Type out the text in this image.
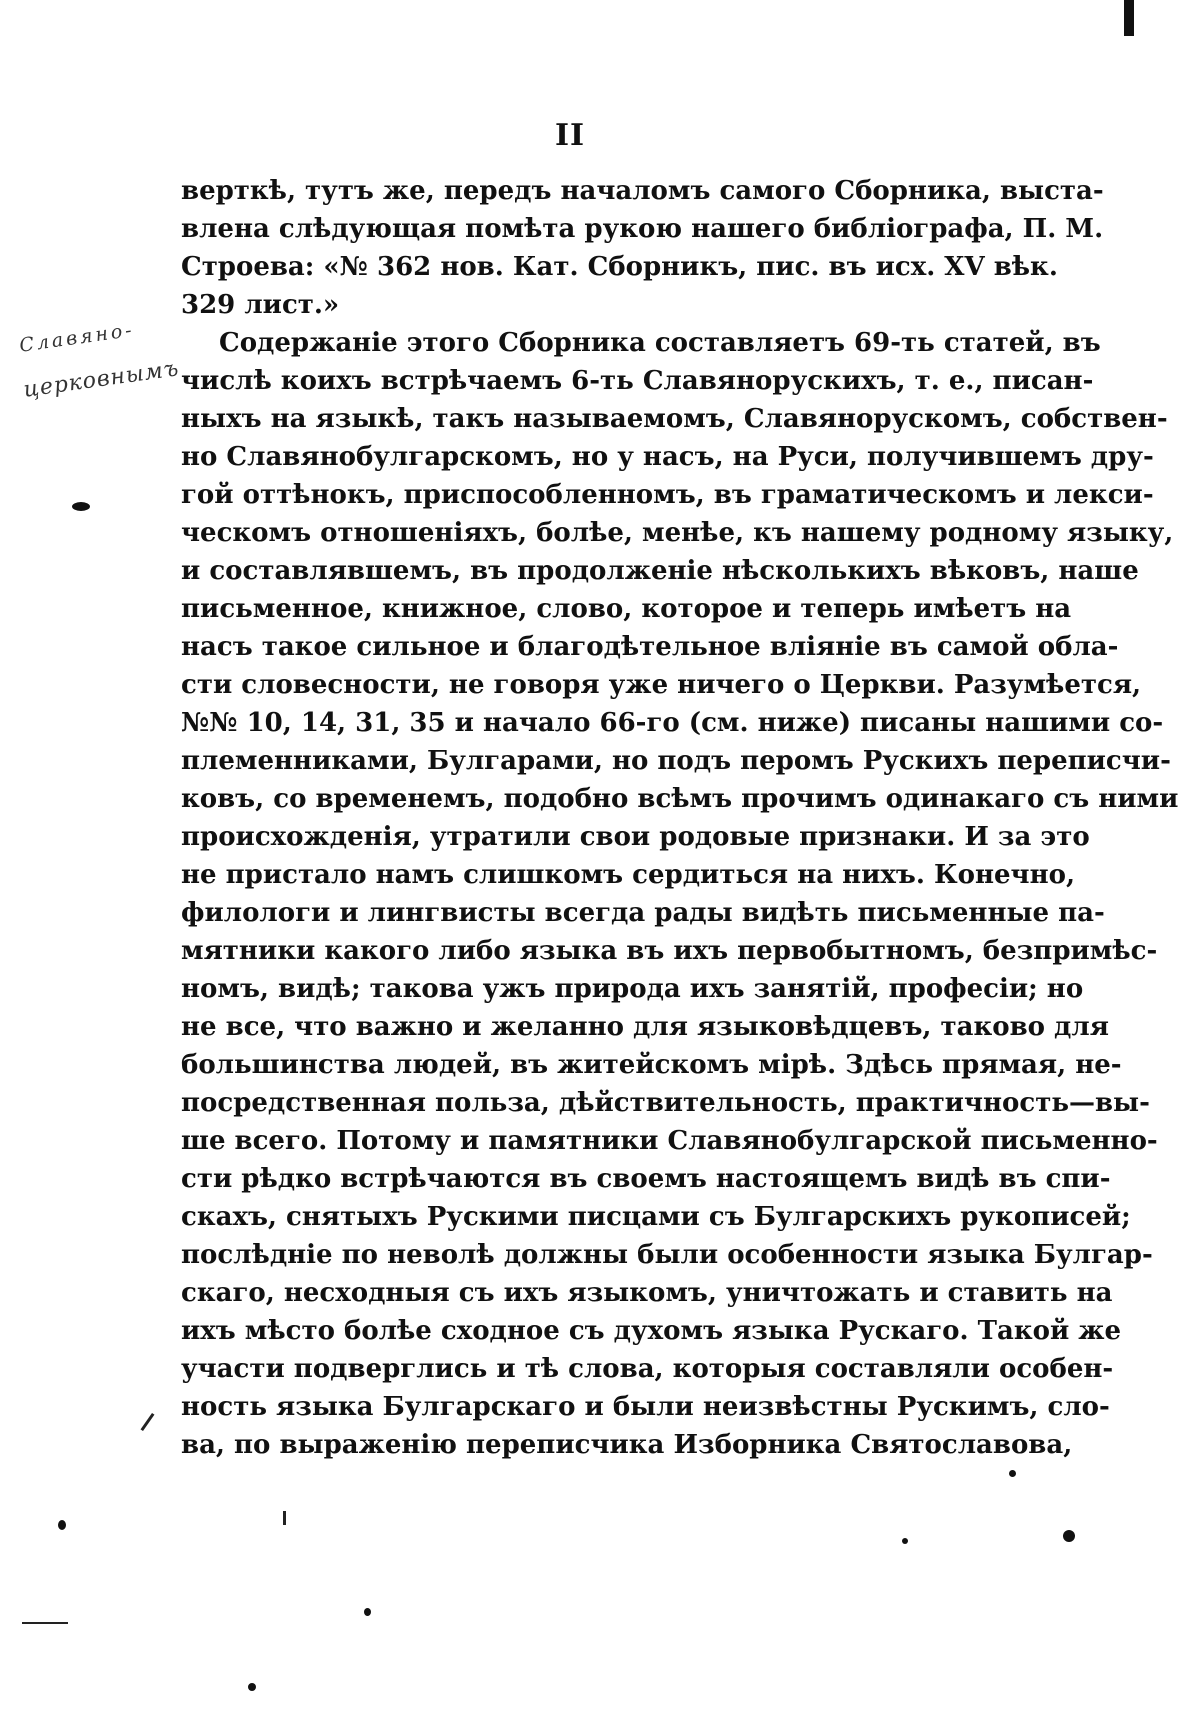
II
Славяно-
церковнымъ
верткѣ, тутъ же, передъ началомъ самого Сборника, выста-
влена слѣдующая помѣта рукою нашего библіографа, П. М.
Строева: «№ 362 нов. Кат. Сборникъ, пис. въ исх. XV вѣк.
329 лист.»
Содержаніе этого Сборника составляетъ 69-ть статей, въ
числѣ коихъ встрѣчаемъ 6-ть Славянорускихъ, т. е., писан-
ныхъ на языкѣ, такъ называемомъ, Славянорускомъ, собствен-
но Славянобулгарскомъ, но у насъ, на Руси, получившемъ дру-
гой оттѣнокъ, приспособленномъ, въ граматическомъ и лекси-
ческомъ отношеніяхъ, болѣе, менѣе, къ нашему родному языку,
и составлявшемъ, въ продолженіе нѣсколькихъ вѣковъ, наше
письменное, книжное, слово, которое и теперь имѣетъ на
насъ такое сильное и благодѣтельное вліяніе въ самой обла-
сти словесности, не говоря уже ничего о Церкви. Разумѣется,
№№ 10, 14, 31, 35 и начало 66-го (см. ниже) писаны нашими со-
племенниками, Булгарами, но подъ перомъ Рускихъ переписчи-
ковъ, со временемъ, подобно всѣмъ прочимъ одинакаго съ ними
происхожденія, утратили свои родовые признаки. И за это
не пристало намъ слишкомъ сердиться на нихъ. Конечно,
филологи и лингвисты всегда рады видѣть письменные па-
мятники какого либо языка въ ихъ первобытномъ, безпримѣс-
номъ, видѣ; такова ужъ природа ихъ занятій, професіи; но
не все, что важно и желанно для языковѣдцевъ, таково для
большинства людей, въ житейскомъ мірѣ. Здѣсь прямая, не-
посредственная польза, дѣйствительность, практичность—вы-
ше всего. Потому и памятники Славянобулгарской письменно-
сти рѣдко встрѣчаются въ своемъ настоящемъ видѣ въ спи-
скахъ, снятыхъ Рускими писцами съ Булгарскихъ рукописей;
послѣдніе по неволѣ должны были особенности языка Булгар-
скаго, несходныя съ ихъ языкомъ, уничтожать и ставить на
ихъ мѣсто болѣе сходное съ духомъ языка Рускаго. Такой же
участи подверглись и тѣ слова, которыя составляли особен-
ность языка Булгарскаго и были неизвѣстны Рускимъ, сло-
ва, по выраженію переписчика Изборника Святославова,
